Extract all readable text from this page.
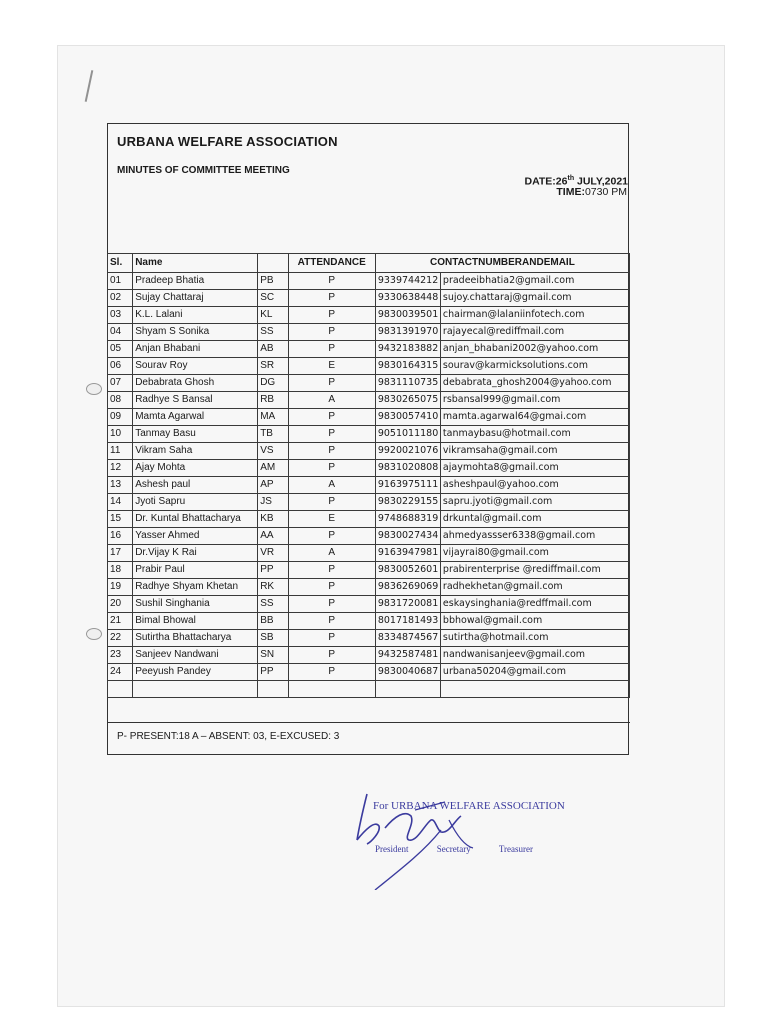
URBANA WELFARE ASSOCIATION
MINUTES OF COMMITTEE MEETING
DATE:26th JULY,2021
TIME:0730 PM
Sl.	Name		ATTENDANCE	CONTACTNUMBERANDEMAIL	
01	Pradeep Bhatia	PB	P	9339744212	pradeeibhatia2@gmail.com
02	Sujay Chattaraj	SC	P	9330638448	sujoy.chattaraj@gmail.com
03	K.L. Lalani	KL	P	9830039501	chairman@lalaniinfotech.com
04	Shyam S Sonika	SS	P	9831391970	rajayecal@rediffmail.com
05	Anjan Bhabani	AB	P	9432183882	anjan_bhabani2002@yahoo.com
06	Sourav Roy	SR	E	9830164315	sourav@karmicksolutions.com
07	Debabrata Ghosh	DG	P	9831110735	debabrata_ghosh2004@yahoo.com
08	Radhye S Bansal	RB	A	9830265075	rsbansal999@gmail.com
09	Mamta Agarwal	MA	P	9830057410	mamta.agarwal64@gmai.com
10	Tanmay Basu	TB	P	9051011180	tanmaybasu@hotmail.com
11	Vikram Saha	VS	P	9920021076	vikramsaha@gmail.com
12	Ajay Mohta	AM	P	9831020808	ajaymohta8@gmail.com
13	Ashesh paul	AP	A	9163975111	asheshpaul@yahoo.com
14	Jyoti Sapru	JS	P	9830229155	sapru.jyoti@gmail.com
15	Dr. Kuntal Bhattacharya	KB	E	9748688319	drkuntal@gmail.com
16	Yasser Ahmed	AA	P	9830027434	ahmedyassser6338@gmail.com
17	Dr.Vijay K Rai	VR	A	9163947981	vijayrai80@gmail.com
18	Prabir Paul	PP	P	9830052601	prabirenterprise @rediffmail.com
19	Radhye Shyam Khetan	RK	P	9836269069	radhekhetan@gmail.com
20	Sushil Singhania	SS	P	9831720081	eskaysinghania@redffmail.com
21	Bimal Bhowal	BB	P	8017181493	bbhowal@gmail.com
22	Sutirtha Bhattacharya	SB	P	8334874567	sutirtha@hotmail.com
23	Sanjeev Nandwani	SN	P	9432587481	nandwanisanjeev@gmail.com
24	Peeyush Pandey	PP	P	9830040687	urbana50204@gmail.com

P- PRESENT:18 A – ABSENT: 03, E-EXCUSED: 3
For URBANA WELFARE ASSOCIATION
President	Secretary	Treasurer
